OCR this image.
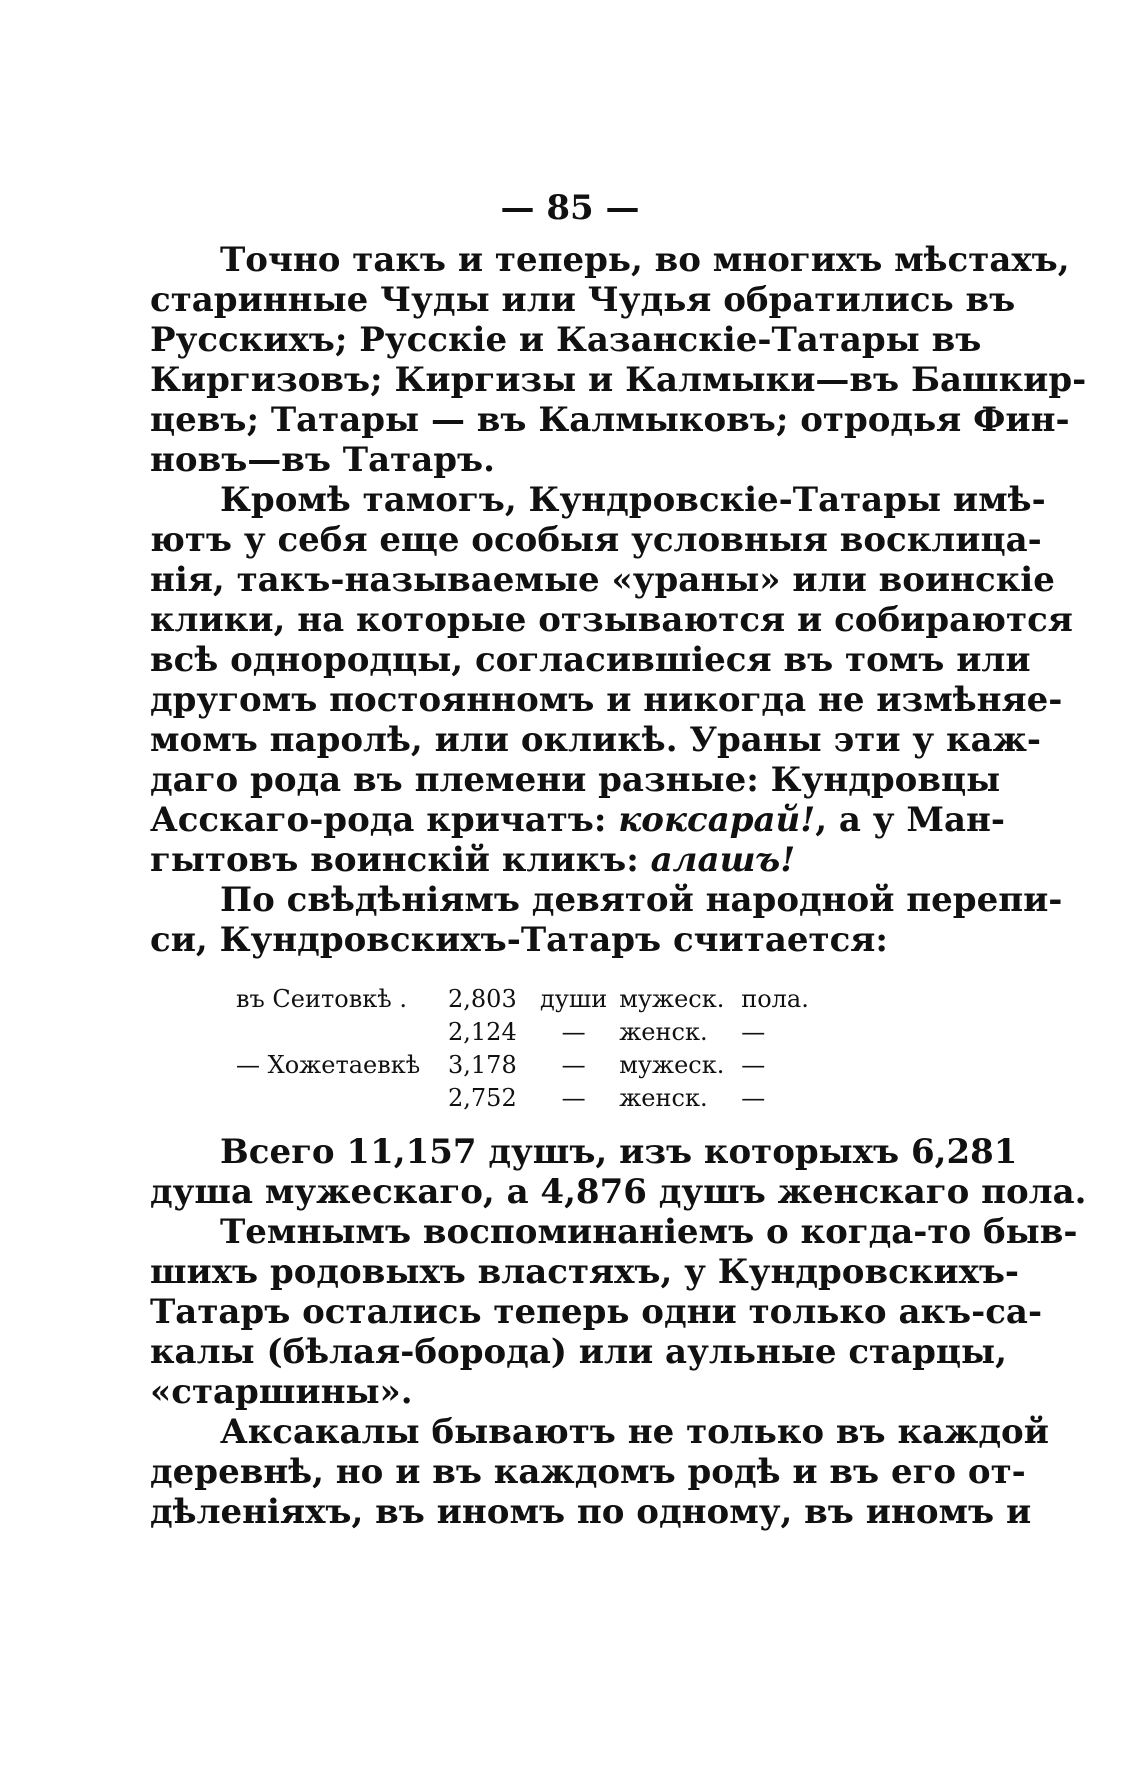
— 85 —
Точно такъ и теперь, во многихъ мѣстахъ,
старинные Чуды или Чудья обратились въ
Русскихъ; Русскіе и Казанскіе-Татары въ
Киргизовъ; Киргизы и Калмыки—въ Башкир-
цевъ; Татары — въ Калмыковъ; отродья Фин-
новъ—въ Татаръ.
Кромѣ тамогъ, Кундровскіе-Татары имѣ-
ютъ у себя еще особыя условныя восклица-
нія, такъ-называемые «ураны» или воинскіе
клики, на которые отзываются и собираются
всѣ однородцы, согласившіеся въ томъ или
другомъ постоянномъ и никогда не измѣняе-
момъ паролѣ, или окликѣ. Ураны эти у каж-
даго рода въ племени разные: Кундровцы
Асскаго-рода кричатъ: коксарай!, а у Ман-
гытовъ воинскій кликъ: алашъ!
По свѣдѣніямъ девятой народной перепи-
си, Кундровскихъ-Татаръ считается:
въ Сеитовкѣ .	2,803	души	мужеск.	пола.
	2,124	—	женск.	—
— Хожетаевкѣ	3,178	—	мужеск.	—
	2,752	—	женск.	—
Всего 11,157 душъ, изъ которыхъ 6,281
душа мужескаго, а 4,876 душъ женскаго пола.
Темнымъ воспоминаніемъ о когда-то быв-
шихъ родовыхъ властяхъ, у Кундровскихъ-
Татаръ остались теперь одни только акъ-са-
калы (бѣлая-борода) или аульные старцы,
«старшины».
Аксакалы бываютъ не только въ каждой
деревнѣ, но и въ каждомъ родѣ и въ его от-
дѣленіяхъ, въ иномъ по одному, въ иномъ и
